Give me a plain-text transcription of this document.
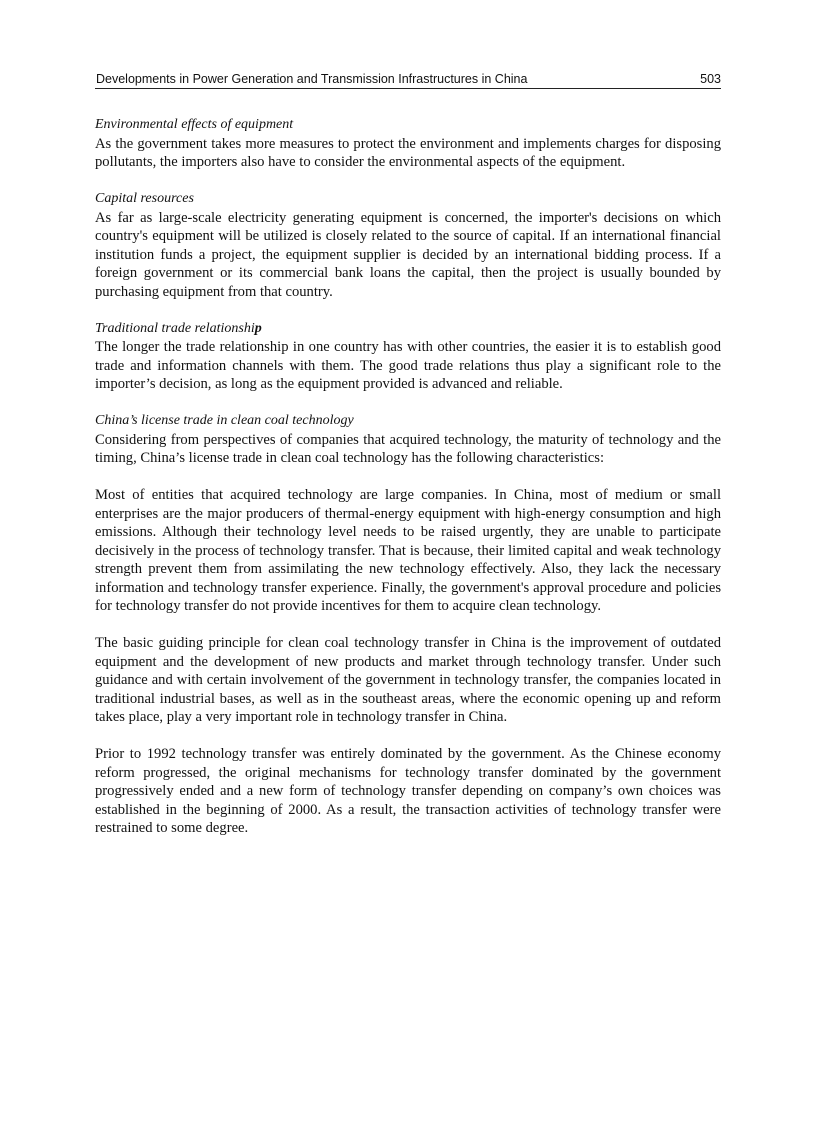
Developments in Power Generation and Transmission Infrastructures in China	503
Environmental effects of equipment

As the government takes more measures to protect the environment and implements charges for disposing pollutants, the importers also have to consider the environmental aspects of the equipment.

Capital resources

As far as large-scale electricity generating equipment is concerned, the importer's decisions on which country's equipment will be utilized is closely related to the source of capital. If an international financial institution funds a project, the equipment supplier is decided by an international bidding process. If a foreign government or its commercial bank loans the capital, then the project is usually bounded by purchasing equipment from that country.

Traditional trade relationship

The longer the trade relationship in one country has with other countries, the easier it is to establish good trade and information channels with them. The good trade relations thus play a significant role to the importer’s decision, as long as the equipment provided is advanced and reliable.

China’s license trade in clean coal technology

Considering from perspectives of companies that acquired technology, the maturity of technology and the timing, China’s license trade in clean coal technology has the following characteristics:

Most of entities that acquired technology are large companies. In China, most of medium or small enterprises are the major producers of thermal-energy equipment with high-energy consumption and high emissions. Although their technology level needs to be raised urgently, they are unable to participate decisively in the process of technology transfer. That is because, their limited capital and weak technology strength prevent them from assimilating the new technology effectively. Also, they lack the necessary information and technology transfer experience. Finally, the government's approval procedure and policies for technology transfer do not provide incentives for them to acquire clean technology.

The basic guiding principle for clean coal technology transfer in China is the improvement of outdated equipment and the development of new products and market through technology transfer. Under such guidance and with certain involvement of the government in technology transfer, the companies located in traditional industrial bases, as well as in the southeast areas, where the economic opening up and reform takes place, play a very important role in technology transfer in China.

Prior to 1992 technology transfer was entirely dominated by the government. As the Chinese economy reform progressed, the original mechanisms for technology transfer dominated by the government progressively ended and a new form of technology transfer depending on company’s own choices was established in the beginning of 2000. As a result, the transaction activities of technology transfer were restrained to some degree.
